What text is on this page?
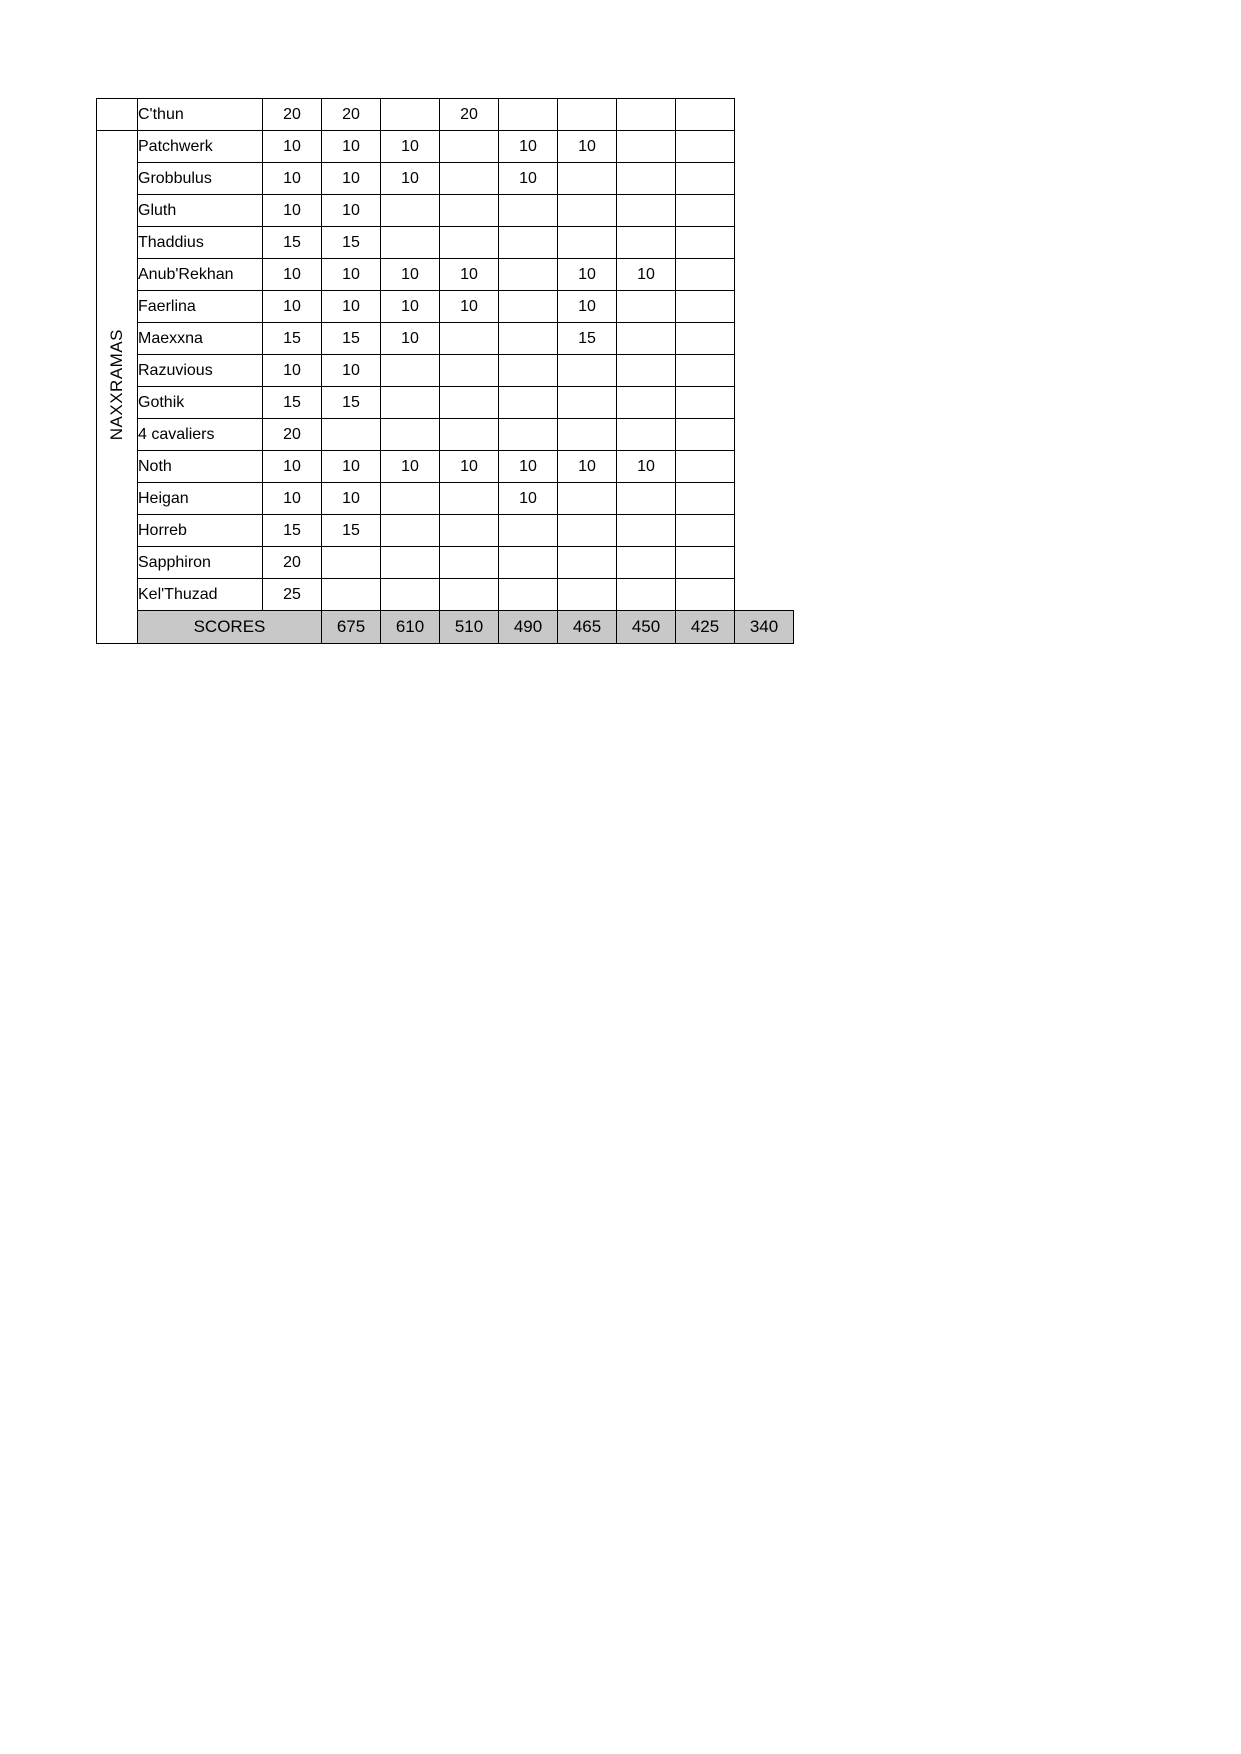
	C'thun	20	20		20					
NAXXRAMAS	Patchwerk	10	10	10		10	10			
	Grobbulus	10	10	10		10				
	Gluth	10	10							
	Thaddius	15	15							
	Anub'Rekhan	10	10	10	10		10	10		
	Faerlina	10	10	10	10		10			
	Maexxna	15	15	10			15			
	Razuvious	10	10							
	Gothik	15	15							
	4 cavaliers	20								
	Noth	10	10	10	10	10	10	10		
	Heigan	10	10			10				
	Horreb	15	15							
	Sapphiron	20								
	Kel'Thuzad	25								
	SCORES		675	610	510	490	465	450	425	340
